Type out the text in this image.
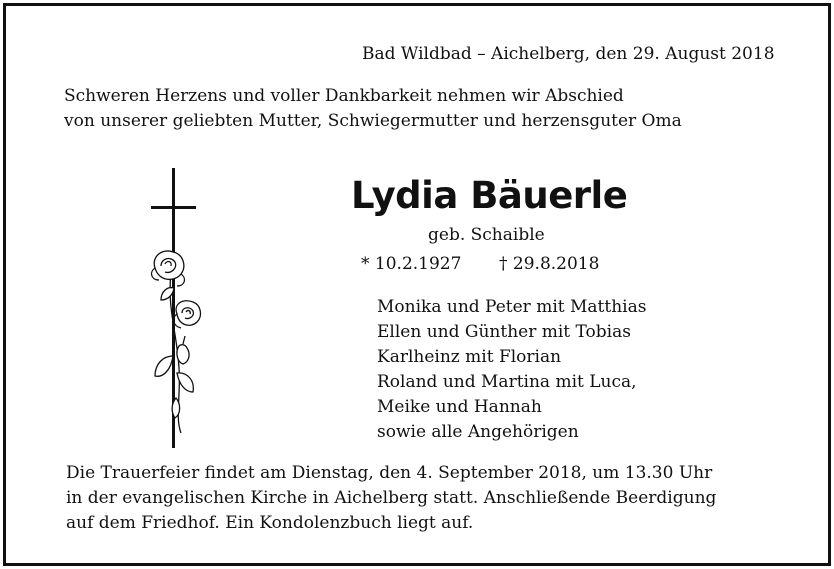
Bad Wildbad – Aichelberg, den 29. August 2018
Schweren Herzens und voller Dankbarkeit nehmen wir Abschied
von unserer geliebten Mutter, Schwiegermutter und herzensguter Oma
Lydia Bäuerle
geb. Schaible
* 10.2.1927 † 29.8.2018
Monika und Peter mit Matthias
Ellen und Günther mit Tobias
Karlheinz mit Florian
Roland und Martina mit Luca,
Meike und Hannah
sowie alle Angehörigen
Die Trauerfeier findet am Dienstag, den 4. September 2018, um 13.30 Uhr
in der evangelischen Kirche in Aichelberg statt. Anschließende Beerdigung
auf dem Friedhof. Ein Kondolenzbuch liegt auf.
